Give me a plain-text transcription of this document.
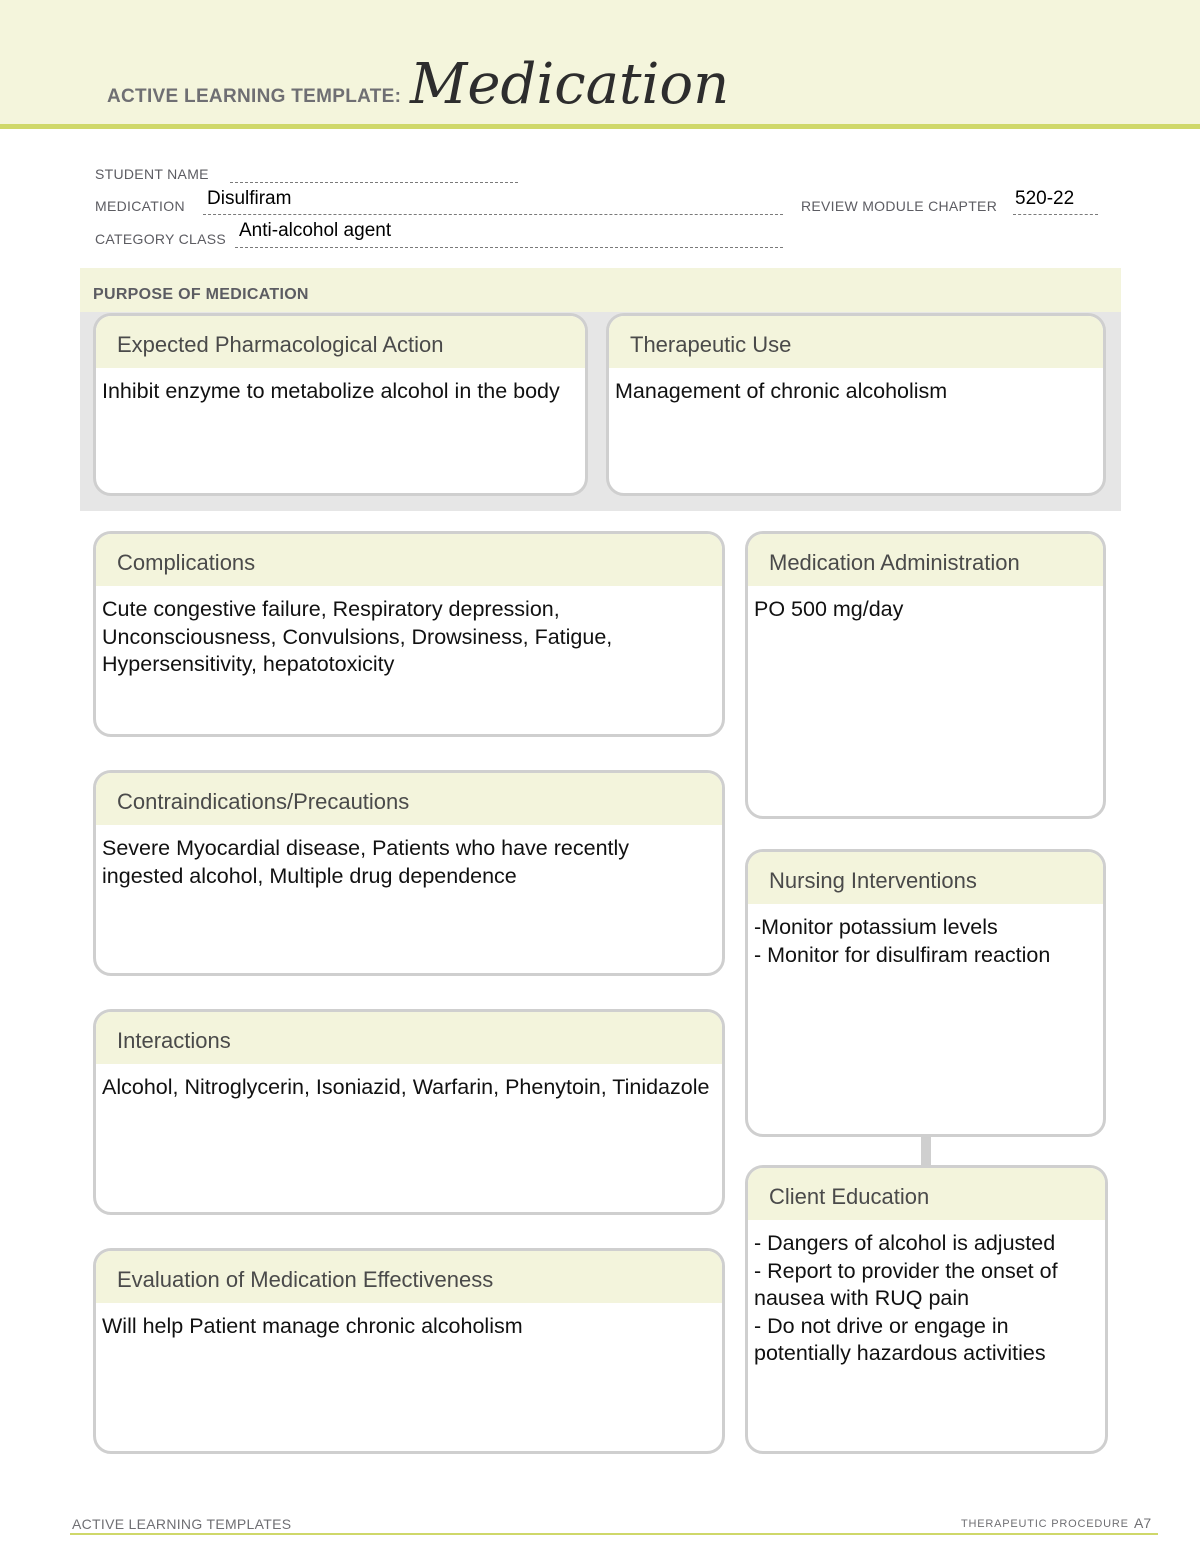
ACTIVE LEARNING TEMPLATE: Medication
STUDENT NAME
MEDICATION Disulfiram	REVIEW MODULE CHAPTER 520-22
CATEGORY CLASS Anti-alcohol agent
PURPOSE OF MEDICATION
Expected Pharmacological Action
Inhibit enzyme to metabolize alcohol in the body
Therapeutic Use
Management of chronic alcoholism
Complications
Cute congestive failure, Respiratory depression, Unconsciousness, Convulsions, Drowsiness, Fatigue, Hypersensitivity, hepatotoxicity
Contraindications/Precautions
Severe Myocardial disease, Patients who have recently ingested alcohol, Multiple drug dependence
Interactions
Alcohol, Nitroglycerin, Isoniazid, Warfarin, Phenytoin, Tinidazole
Evaluation of Medication Effectiveness
Will help Patient manage chronic alcoholism
Medication Administration
PO 500 mg/day
Nursing Interventions
-Monitor potassium levels
- Monitor for disulfiram reaction
Client Education
- Dangers of alcohol is adjusted
- Report to provider the onset of nausea with RUQ pain
- Do not drive or engage in potentially hazardous activities
ACTIVE LEARNING TEMPLATES	THERAPEUTIC PROCEDURE A7
